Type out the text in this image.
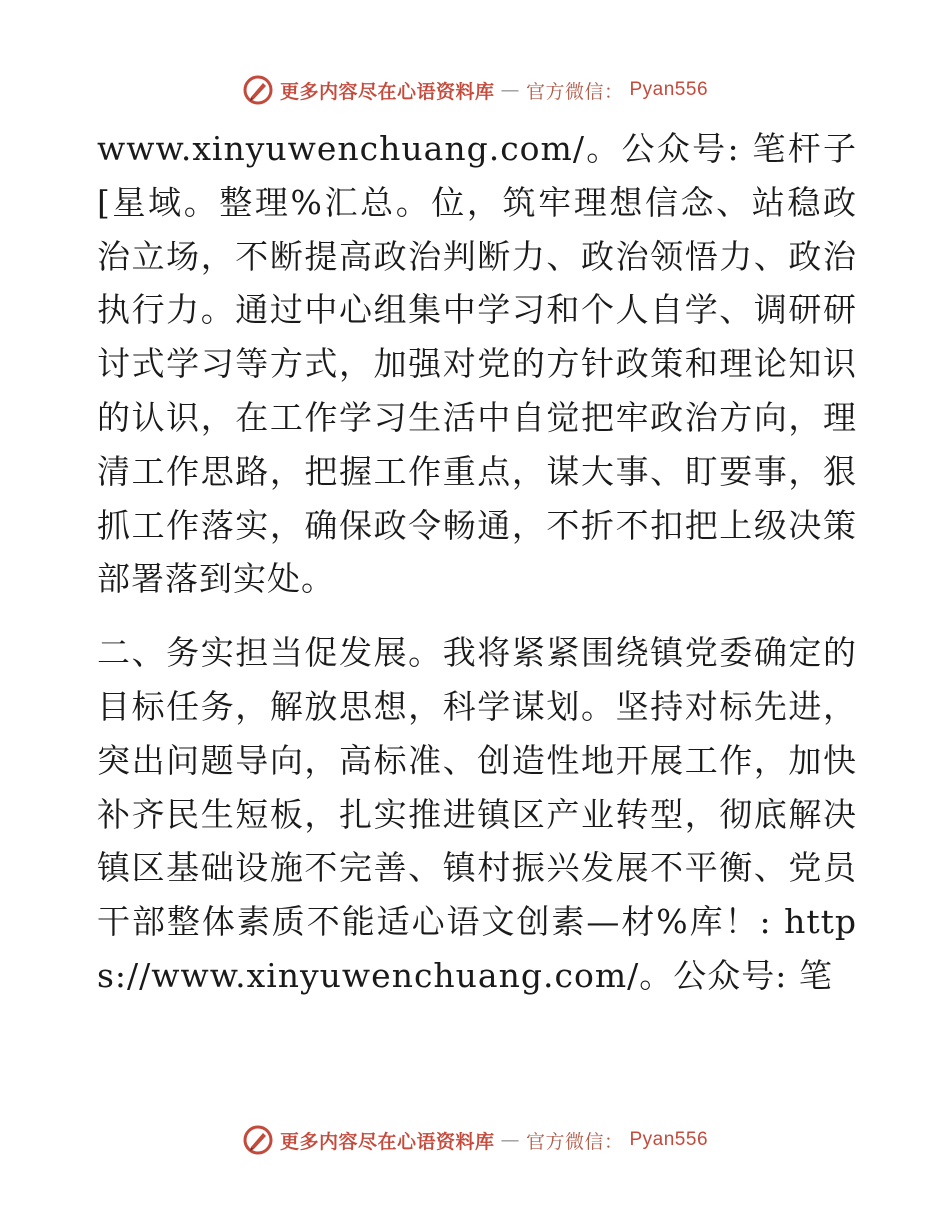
更多内容尽在心语资料库 — 官方微信： Pyan556

www.xinyuwenchuang.com/。公众号: 笔杆子[星域。整理%汇总。位，筑牢理想信念、站稳政治立场，不断提高政治判断力、政治领悟力、政治执行力。通过中心组集中学习和个人自学、调研研讨式学习等方式，加强对党的方针政策和理论知识的认识，在工作学习生活中自觉把牢政治方向，理清工作思路，把握工作重点，谋大事、盯要事，狠抓工作落实，确保政令畅通，不折不扣把上级决策部署落到实处。

二、务实担当促发展。我将紧紧围绕镇党委确定的目标任务，解放思想，科学谋划。坚持对标先进，突出问题导向，高标准、创造性地开展工作，加快补齐民生短板，扎实推进镇区产业转型，彻底解决镇区基础设施不完善、镇村振兴发展不平衡、党员干部整体素质不能适心语文创素—材%库！: https://www.xinyuwenchuang.com/。公众号: 笔

更多内容尽在心语资料库 — 官方微信： Pyan556
